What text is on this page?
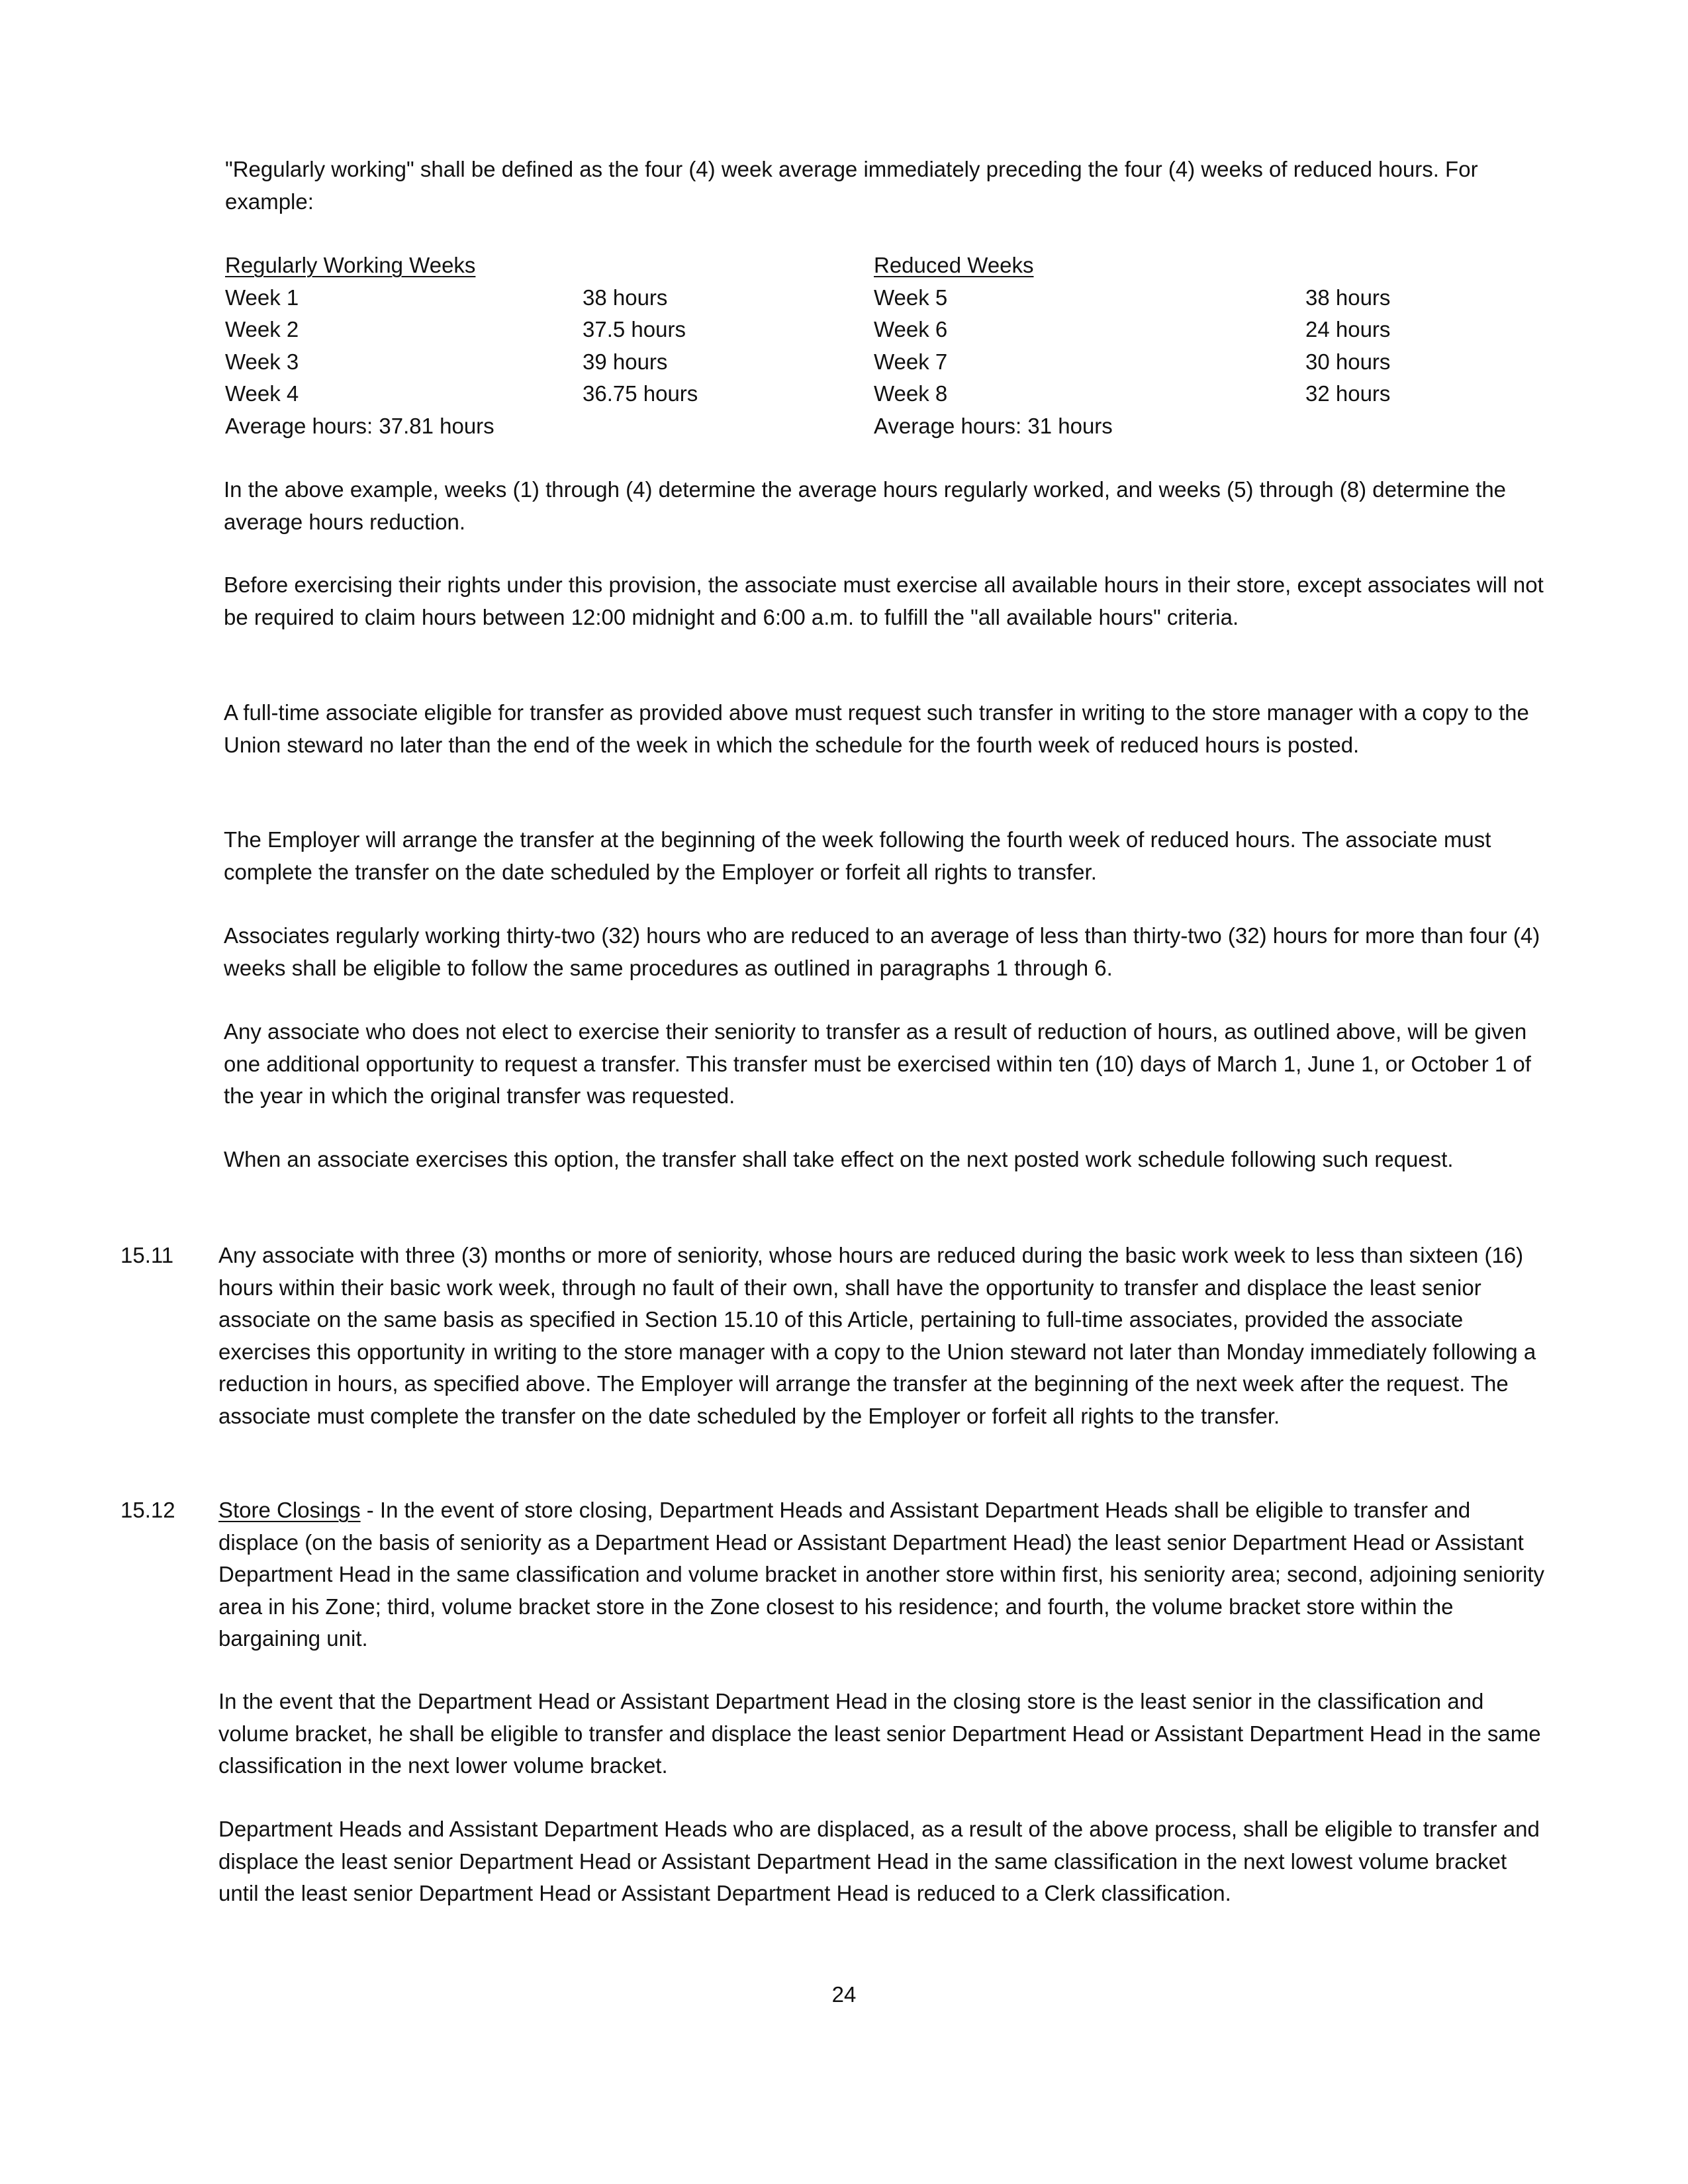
"Regularly working" shall be defined as the four (4) week average immediately preceding the four (4) weeks of reduced hours. For example:

Regularly Working Weeks	Reduced Weeks
Week 1	38 hours	Week 5	38 hours
Week 2	37.5 hours	Week 6	24 hours
Week 3	39 hours	Week 7	30 hours
Week 4	36.75 hours	Week 8	32 hours
Average hours: 37.81 hours	Average hours: 31 hours

In the above example, weeks (1) through (4) determine the average hours regularly worked, and weeks (5) through (8) determine the average hours reduction.

Before exercising their rights under this provision, the associate must exercise all available hours in their store, except associates will not be required to claim hours between 12:00 midnight and 6:00 a.m. to fulfill the "all available hours" criteria.

A full-time associate eligible for transfer as provided above must request such transfer in writing to the store manager with a copy to the Union steward no later than the end of the week in which the schedule for the fourth week of reduced hours is posted.

The Employer will arrange the transfer at the beginning of the week following the fourth week of reduced hours. The associate must complete the transfer on the date scheduled by the Employer or forfeit all rights to transfer.

Associates regularly working thirty-two (32) hours who are reduced to an average of less than thirty-two (32) hours for more than four (4) weeks shall be eligible to follow the same procedures as outlined in paragraphs 1 through 6.

Any associate who does not elect to exercise their seniority to transfer as a result of reduction of hours, as outlined above, will be given one additional opportunity to request a transfer. This transfer must be exercised within ten (10) days of March 1, June 1, or October 1 of the year in which the original transfer was requested.

When an associate exercises this option, the transfer shall take effect on the next posted work schedule following such request.

15.11 Any associate with three (3) months or more of seniority, whose hours are reduced during the basic work week to less than sixteen (16) hours within their basic work week, through no fault of their own, shall have the opportunity to transfer and displace the least senior associate on the same basis as specified in Section 15.10 of this Article, pertaining to full-time associates, provided the associate exercises this opportunity in writing to the store manager with a copy to the Union steward not later than Monday immediately following a reduction in hours, as specified above. The Employer will arrange the transfer at the beginning of the next week after the request. The associate must complete the transfer on the date scheduled by the Employer or forfeit all rights to the transfer.

15.12 Store Closings - In the event of store closing, Department Heads and Assistant Department Heads shall be eligible to transfer and displace (on the basis of seniority as a Department Head or Assistant Department Head) the least senior Department Head or Assistant Department Head in the same classification and volume bracket in another store within first, his seniority area; second, adjoining seniority area in his Zone; third, volume bracket store in the Zone closest to his residence; and fourth, the volume bracket store within the bargaining unit.

In the event that the Department Head or Assistant Department Head in the closing store is the least senior in the classification and volume bracket, he shall be eligible to transfer and displace the least senior Department Head or Assistant Department Head in the same classification in the next lower volume bracket.

Department Heads and Assistant Department Heads who are displaced, as a result of the above process, shall be eligible to transfer and displace the least senior Department Head or Assistant Department Head in the same classification in the next lowest volume bracket until the least senior Department Head or Assistant Department Head is reduced to a Clerk classification.

24
